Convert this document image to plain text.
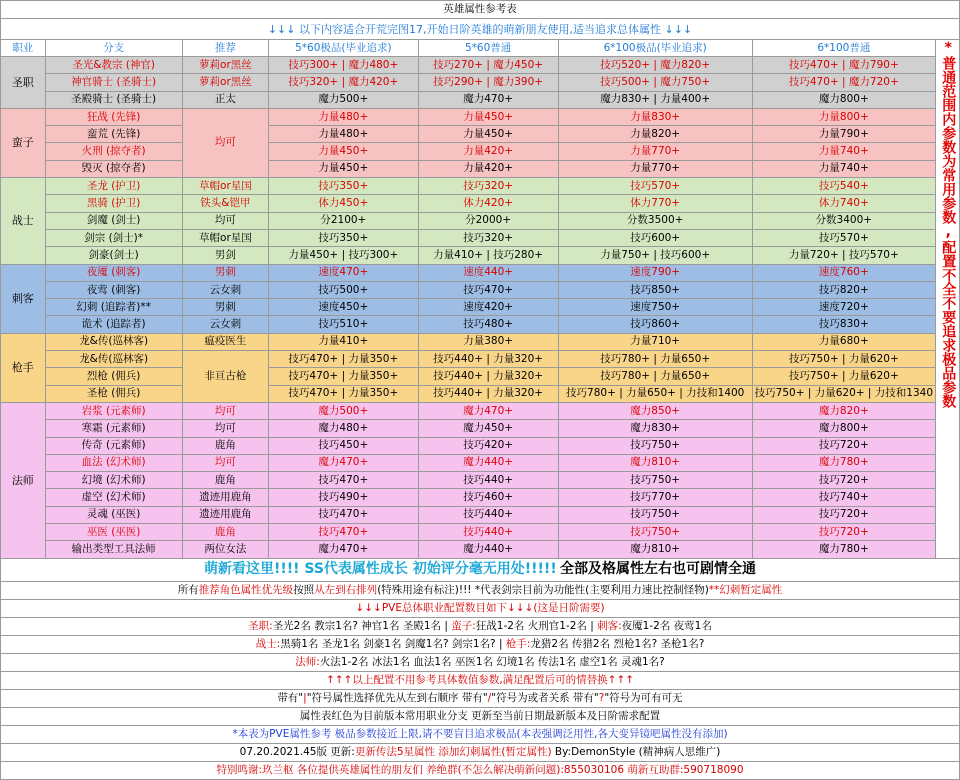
英雄属性参考表							
↓↓↓ 以下内容适合开荒完图17,开始日阶英雄的萌新朋友使用,适当追求总体属性 ↓↓↓							
职业	分支	推荐	5*60极品(毕业追求)	5*60普通	6*100极品(毕业追求)	6*100普通	*普通范围内参数为常用参数,配置不全不要追求极品参数

圣职	圣光&教宗 (神官)	萝莉or黑丝	技巧300+ | 魔力480+	技巧270+ | 魔力450+	技巧520+ | 魔力820+	技巧470+ | 魔力790+	
	神官骑士 (圣骑士)	萝莉or黑丝	技巧320+ | 魔力420+	技巧290+ | 魔力390+	技巧500+ | 魔力750+	技巧470+ | 魔力720+	
	圣殿骑士 (圣骑士)	正太	魔力500+	魔力470+	魔力830+ | 力量400+	魔力800+	
蛮子	狂战 (先锋)	均可	力量480+	力量450+	力量830+	力量800+	
	蛮荒 (先锋)		力量480+	力量450+	力量820+	力量790+	
	火刑 (掠夺者)		力量450+	力量420+	力量770+	力量740+	
	毁灭 (掠夺者)		力量450+	力量420+	力量770+	力量740+	
战士	圣龙 (护卫)	草帽or星国	技巧350+	技巧320+	技巧570+	技巧540+	
	黑骑 (护卫)	铁头&铠甲	体力450+	体力420+	体力770+	体力740+	
	剑魔 (剑士)	均可	分2100+	分2000+	分数3500+	分数3400+	
	剑宗 (剑士)*	草帽or星国	技巧350+	技巧320+	技巧600+	技巧570+	
	剑豪(剑士)	男剑	力量450+ | 技巧300+	力量410+ | 技巧280+	力量750+ | 技巧600+	力量720+ | 技巧570+	
刺客	夜魇 (刺客)	男刺	速度470+	速度440+	速度790+	速度760+	
	夜莺 (刺客)	云女刺	技巧500+	技巧470+	技巧850+	技巧820+	
	幻刺 (追踪者)**	男刺	速度450+	速度420+	速度750+	速度720+	
	诡术 (追踪者)	云女刺	技巧510+	技巧480+	技巧860+	技巧830+	
枪手	龙&传(巡林客)	瘟疫医生	力量410+	力量380+	力量710+	力量680+	
	龙&传(巡林客)	非亘古枪	技巧470+ | 力量350+	技巧440+ | 力量320+	技巧780+ | 力量650+	技巧750+ | 力量620+	
	烈枪 (佣兵)		技巧470+ | 力量350+	技巧440+ | 力量320+	技巧780+ | 力量650+	技巧750+ | 力量620+	
	圣枪 (佣兵)		技巧470+ | 力量350+	技巧440+ | 力量320+	技巧780+ | 力量650+ | 力技和1400	技巧750+ | 力量620+ | 力技和1340	
法师	岩浆 (元素师)	均可	魔力500+	魔力470+	魔力850+	魔力820+	
	寒霜 (元素师)	均可	魔力480+	魔力450+	魔力830+	魔力800+	
	传奇 (元素师)	鹿角	技巧450+	技巧420+	技巧750+	技巧720+	
	血法 (幻术师)	均可	魔力470+	魔力440+	魔力810+	魔力780+	
	幻境 (幻术师)	鹿角	技巧470+	技巧440+	技巧750+	技巧720+	
	虚空 (幻术师)	遗迹用鹿角	技巧490+	技巧460+	技巧770+	技巧740+	
	灵魂 (巫医)	遗迹用鹿角	技巧470+	技巧440+	技巧750+	技巧720+	
	巫医 (巫医)	鹿角	技巧470+	技巧440+	技巧750+	技巧720+	
	输出类型工具法师	两位女法	魔力470+	魔力440+	魔力810+	魔力780+	
萌新看这里!!!! SS代表属性成长 初始评分毫无用处!!!!! 全部及格属性左右也可剧情全通							
所有推荐角色属性优先级按照从左到右排列(特殊用途有标注)!!! *代表剑宗目前为功能性(主要利用力速比控制怪物)**幻刺暂定属性							
↓↓↓PVE总体职业配置数目如下↓↓↓(这是日阶需要)							
圣职:圣光2名 教宗1名? 神官1名 圣殿1名 | 蛮子:狂战1-2名 火刑官1-2名 | 刺客:夜魇1-2名 夜莺1名							
战士:黑骑1名 圣龙1名 剑豪1名 剑魔1名? 剑宗1名? | 枪手:龙猎2名 传猎2名 烈枪1名? 圣枪1名?							
法师:火法1-2名 冰法1名 血法1名 巫医1名 幻境1名 传法1名 虚空1名 灵魂1名?							
↑↑↑以上配置不用参考具体数值参数,满足配置后可的情替换↑↑↑							
带有"|"符号属性选择优先从左到右顺序 带有"/"符号为或者关系 带有"?"符号为可有可无							
属性表红色为目前版本常用职业分支 更新至当前日期最新版本及日阶需求配置							
*本表为PVE属性参考 极品参数接近上限,请不要盲目追求极品(本表强调泛用性,各大变异镜吧属性没有添加)							
07.20.2021.45版 更新:更新传法5星属性 添加幻刺属性(暂定属性) By:DemonStyle (精神病人思维广)							
特别鸣谢:玖兰枢 各位提供英雄属性的朋友们 养绝群(不怎么解决萌新问题):855030106 萌新互助群:590718090							
